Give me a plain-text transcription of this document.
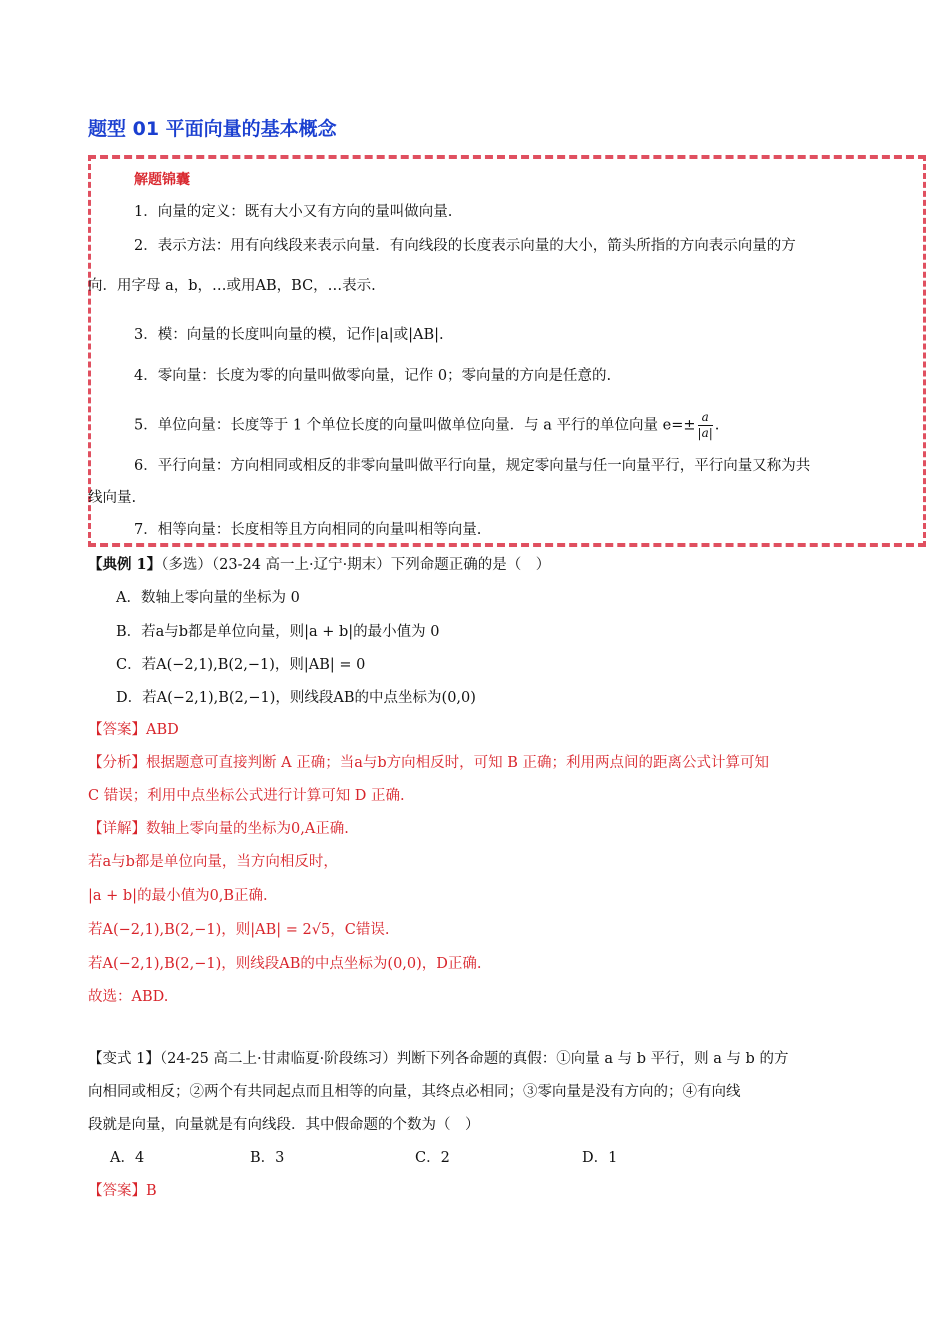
题型 01 平面向量的基本概念
解题锦囊
1．向量的定义：既有大小又有方向的量叫做向量.
2．表示方法：用有向线段来表示向量．有向线段的长度表示向量的大小，箭头所指的方向表示向量的方
向．用字母 a，b，…或用AB，BC，…表示.
3．模：向量的长度叫向量的模，记作|a|或|AB|.
4．零向量：长度为零的向量叫做零向量，记作 0；零向量的方向是任意的.
5．单位向量：长度等于 1 个单位长度的向量叫做单位向量．与 a 平行的单位向量 $e=\pm \frac{a}{|a|}$ .
6．平行向量：方向相同或相反的非零向量叫做平行向量，规定零向量与任一向量平行，平行向量又称为共
线向量.
7．相等向量：长度相等且方向相同的向量叫相等向量.
【典例 1】（多选）（23-24 高一上·辽宁·期末）下列命题正确的是（　）
A．数轴上零向量的坐标为 0
B．若a与b都是单位向量，则|a + b|的最小值为 0
C．若A(−2,1),B(2,−1)，则|AB| = 0
D．若A(−2,1),B(2,−1)，则线段AB的中点坐标为(0,0)
【答案】ABD
【分析】根据题意可直接判断 A 正确；当a与b方向相反时，可知 B 正确；利用两点间的距离公式计算可知
C 错误；利用中点坐标公式进行计算可知 D 正确.
【详解】数轴上零向量的坐标为0,A正确.
若a与b都是单位向量，当方向相反时，
|a + b|的最小值为0,B正确.
若A(−2,1),B(2,−1)，则|AB| = 2√5，C错误.
若A(−2,1),B(2,−1)，则线段AB的中点坐标为(0,0)，D正确.
故选：ABD.
【变式 1】（24-25 高二上·甘肃临夏·阶段练习）判断下列各命题的真假：①向量 a 与 b 平行，则 a 与 b 的方
向相同或相反；②两个有共同起点而且相等的向量，其终点必相同；③零向量是没有方向的；④有向线
段就是向量，向量就是有向线段．其中假命题的个数为（　）
A．4	B．3	C．2	D．1
【答案】B
